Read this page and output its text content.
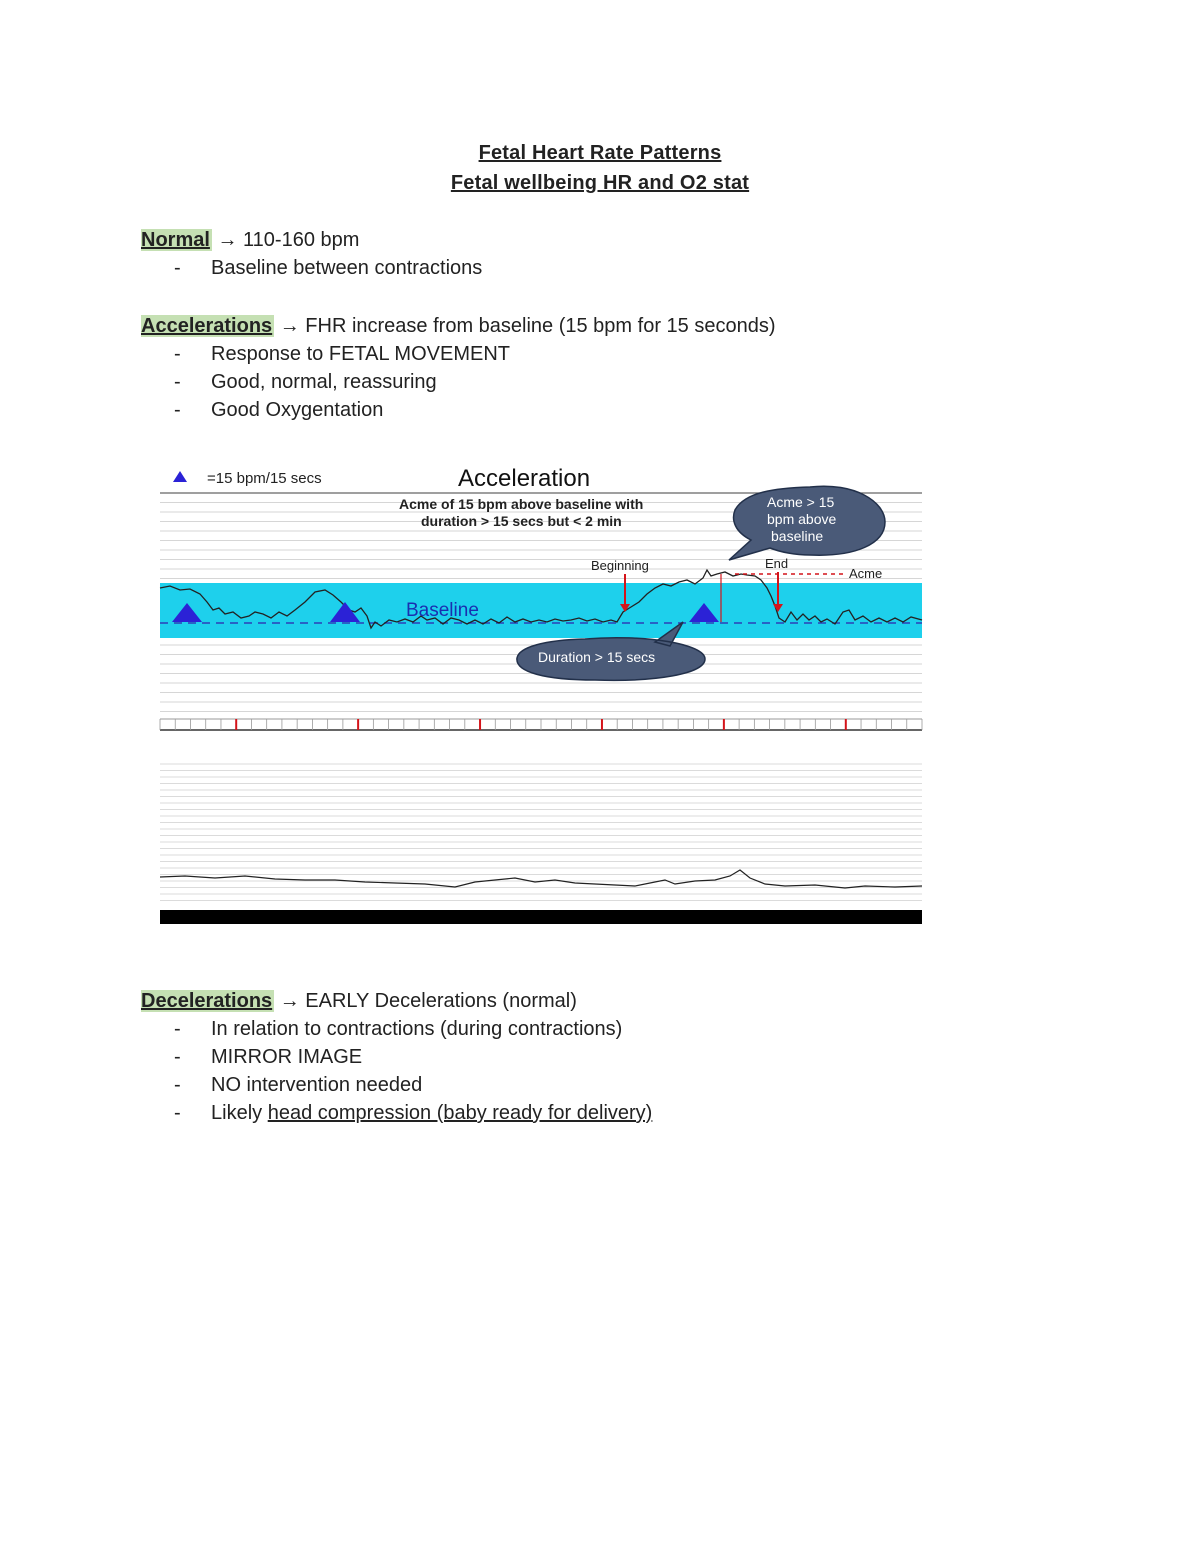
Fetal Heart Rate Patterns
Fetal wellbeing HR and O2 stat
Normal → 110-160 bpm
- Baseline between contractions
Accelerations → FHR increase from baseline (15 bpm for 15 seconds)
- Response to FETAL MOVEMENT
- Good, normal, reassuring
- Good Oxygentation
=15 bpm/15 secs	Acceleration
Acme of 15 bpm above baseline with
duration > 15 secs but < 2 min
Acme > 15
bpm above
baseline
Beginning	End
Acme
Baseline
Duration > 15 secs
Decelerations → EARLY Decelerations (normal)
- In relation to contractions (during contractions)
- MIRROR IMAGE
- NO intervention needed
- Likely head compression (baby ready for delivery)
